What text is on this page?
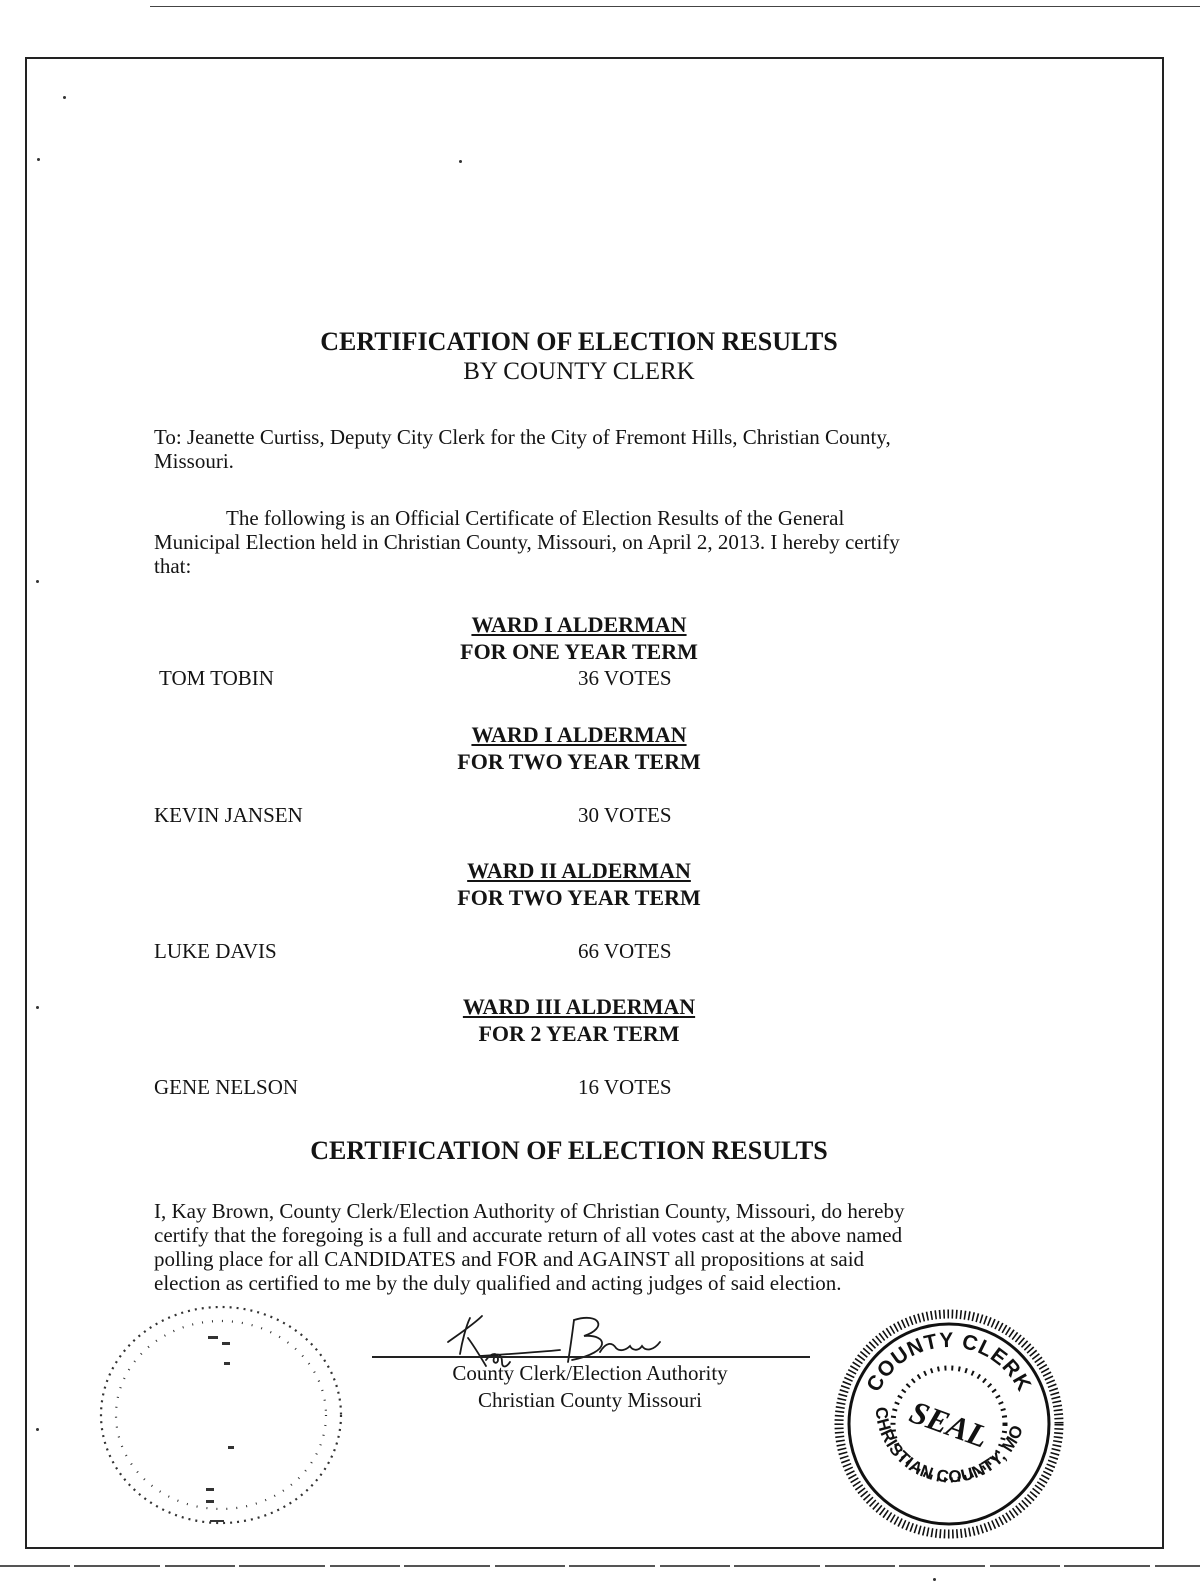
CERTIFICATION OF ELECTION RESULTS
BY COUNTY CLERK
To: Jeanette Curtiss, Deputy City Clerk for the City of Fremont Hills, Christian County,
Missouri.
The following is an Official Certificate of Election Results of the General
Municipal Election held in Christian County, Missouri, on April 2, 2013. I hereby certify
that:
WARD I ALDERMAN
FOR ONE YEAR TERM
TOM TOBIN	36 VOTES
WARD I ALDERMAN
FOR TWO YEAR TERM
KEVIN JANSEN	30 VOTES
WARD II ALDERMAN
FOR TWO YEAR TERM
LUKE DAVIS	66 VOTES
WARD III ALDERMAN
FOR 2 YEAR TERM
GENE NELSON	16 VOTES
CERTIFICATION OF ELECTION RESULTS
I, Kay Brown, County Clerk/Election Authority of Christian County, Missouri, do hereby
certify that the foregoing is a full and accurate return of all votes cast at the above named
polling place for all CANDIDATES and FOR and AGAINST all propositions at said
election as certified to me by the duly qualified and acting judges of said election.
County Clerk/Election Authority
Christian County Missouri
COUNTY CLERK
CHRISTIAN COUNTY, MO
SEAL
